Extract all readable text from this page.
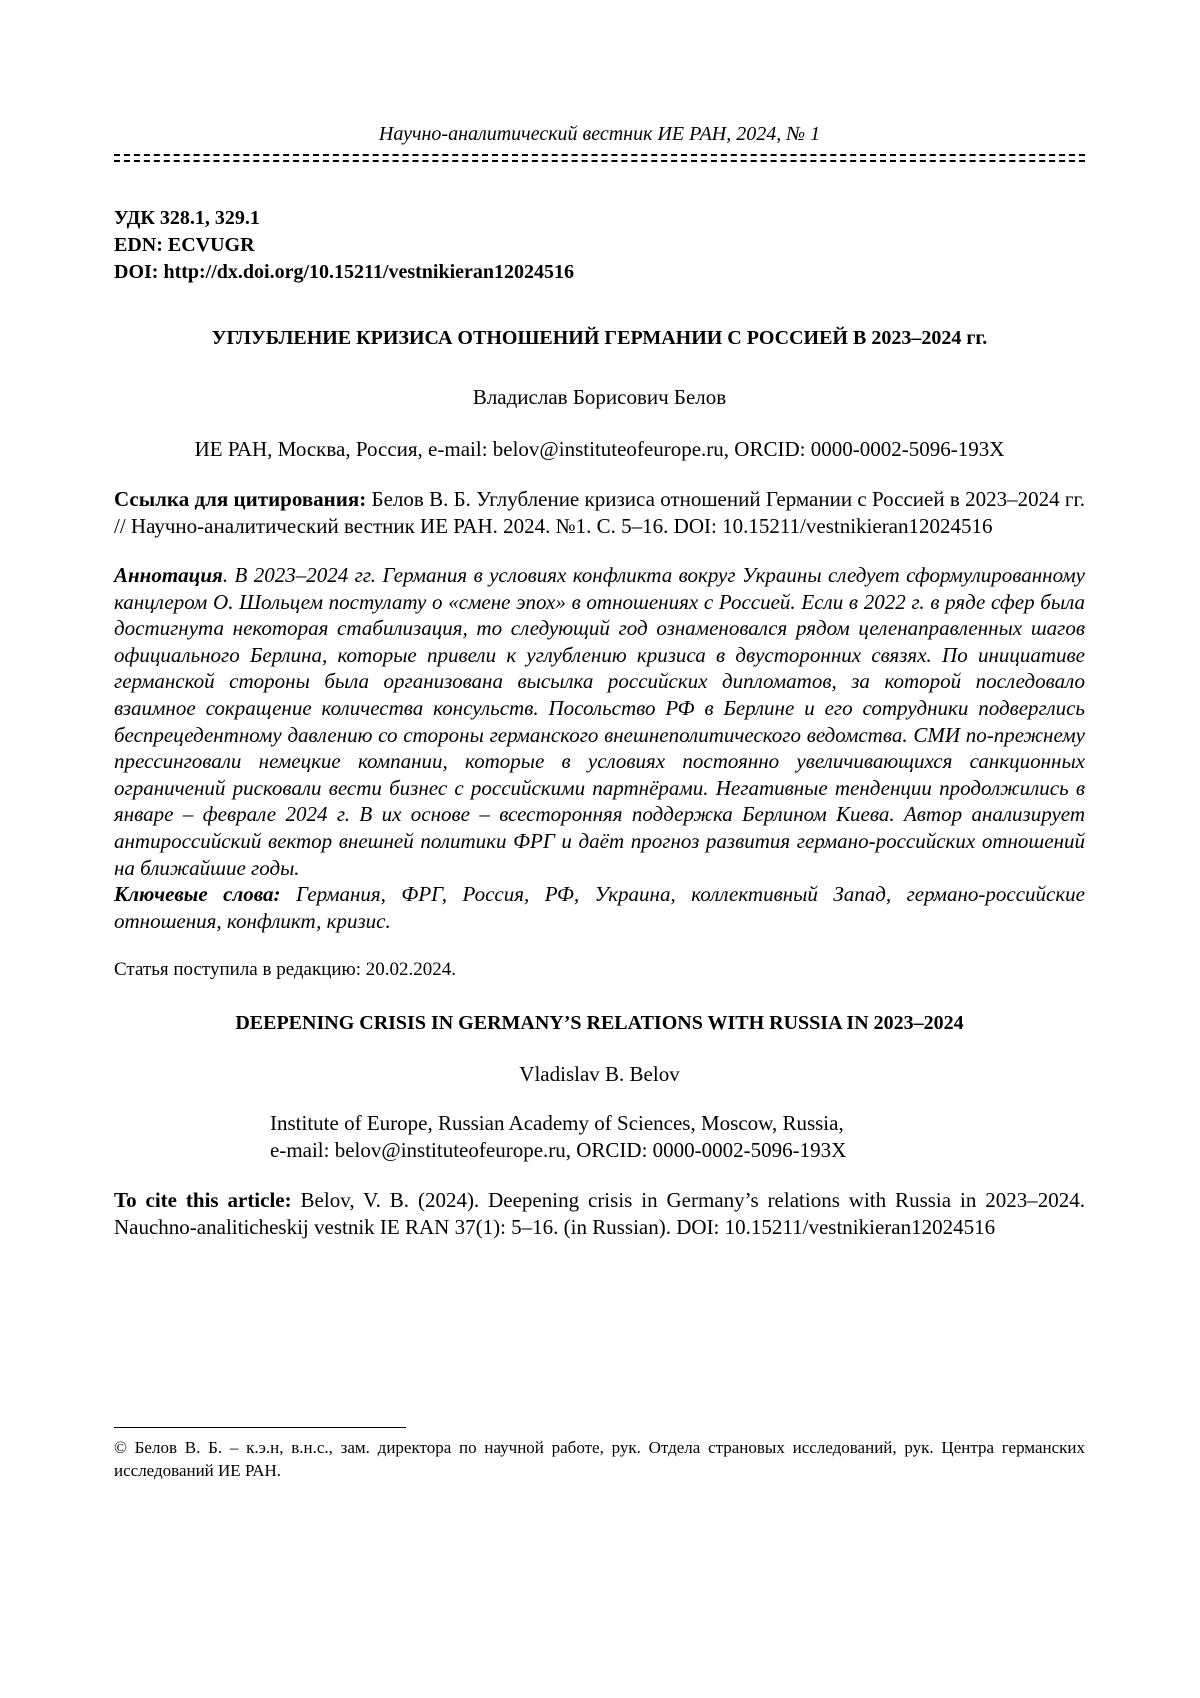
Научно-аналитический вестник ИЕ РАН, 2024, № 1
УДК 328.1, 329.1
EDN: ECVUGR
DOI: http://dx.doi.org/10.15211/vestnikieran12024516
УГЛУБЛЕНИЕ КРИЗИСА ОТНОШЕНИЙ ГЕРМАНИИ С РОССИЕЙ В 2023–2024 гг.
Владислав Борисович Белов
ИЕ РАН, Москва, Россия, e-mail: belov@instituteofeurope.ru, ORCID: 0000-0002-5096-193X
Ссылка для цитирования: Белов В. Б. Углубление кризиса отношений Германии с Россией в 2023–2024 гг. // Научно-аналитический вестник ИЕ РАН. 2024. №1. С. 5–16. DOI: 10.15211/vestnikieran12024516
Аннотация. В 2023–2024 гг. Германия в условиях конфликта вокруг Украины следует сформулированному канцлером О. Шольцем постулату о «смене эпох» в отношениях с Россией. Если в 2022 г. в ряде сфер была достигнута некоторая стабилизация, то следующий год ознаменовался рядом целенаправленных шагов официального Берлина, которые привели к углублению кризиса в двусторонних связях. По инициативе германской стороны была организована высылка российских дипломатов, за которой последовало взаимное сокращение количества консульств. Посольство РФ в Берлине и его сотрудники подверглись беспрецедентному давлению со стороны германского внешнеполитического ведомства. СМИ по-прежнему прессинговали немецкие компании, которые в условиях постоянно увеличивающихся санкционных ограничений рисковали вести бизнес с российскими партнёрами. Негативные тенденции продолжились в январе – феврале 2024 г. В их основе – всесторонняя поддержка Берлином Киева. Автор анализирует антироссийский вектор внешней политики ФРГ и даёт прогноз развития германо-российских отношений на ближайшие годы.
Ключевые слова: Германия, ФРГ, Россия, РФ, Украина, коллективный Запад, германо-российские отношения, конфликт, кризис.
Статья поступила в редакцию: 20.02.2024.
DEEPENING CRISIS IN GERMANY’S RELATIONS WITH RUSSIA IN 2023–2024
Vladislav B. Belov
Institute of Europe, Russian Academy of Sciences, Moscow, Russia,
e-mail: belov@instituteofeurope.ru, ORCID: 0000-0002-5096-193X
To cite this article: Belov, V. B. (2024). Deepening crisis in Germany’s relations with Russia in 2023–2024. Nauchno-analiticheskij vestnik IE RAN 37(1): 5–16. (in Russian). DOI: 10.15211/vestnikieran12024516
© Белов В. Б. – к.э.н, в.н.с., зам. директора по научной работе, рук. Отдела страновых исследований, рук. Центра германских исследований ИЕ РАН.
